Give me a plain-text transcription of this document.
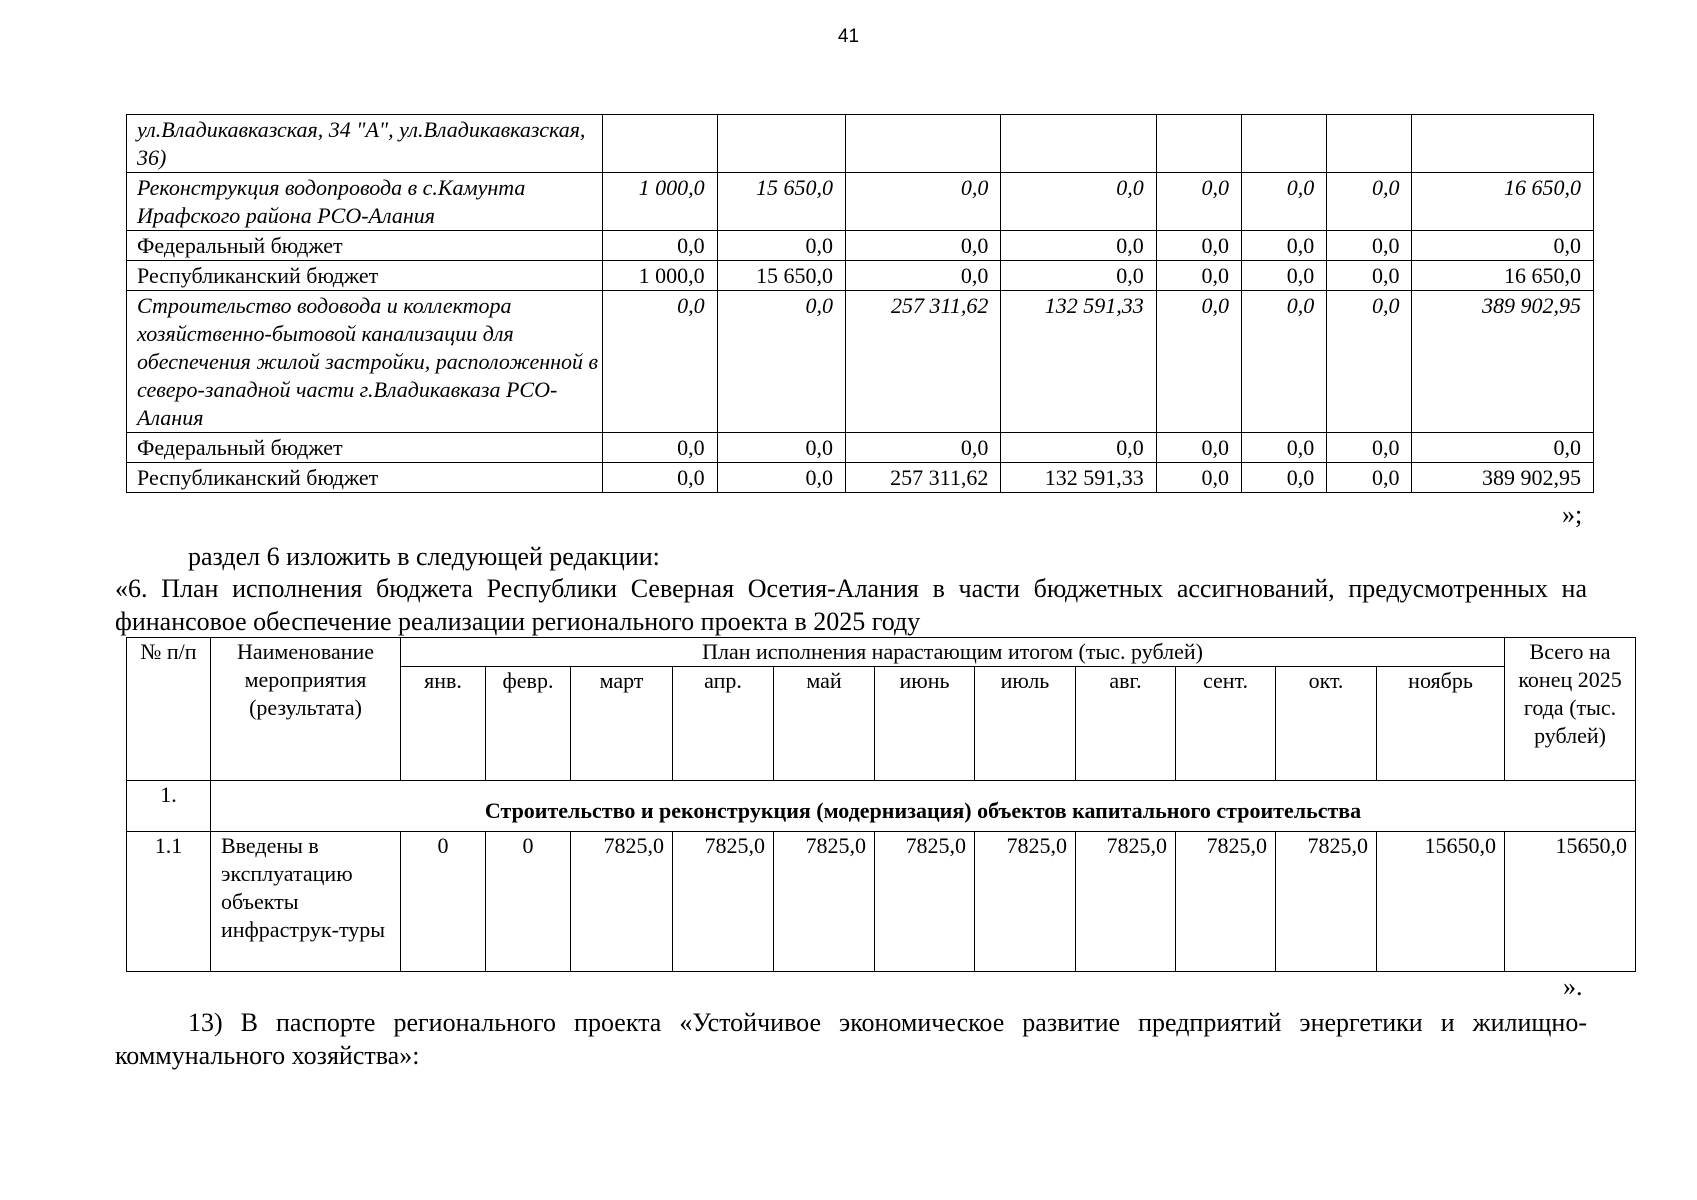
41
ул.Владикавказская, 34 "А", ул.Владикавказская, 36)								
Реконструкция водопровода в с.Камунта Ирафского района РСО-Алания	1 000,0	15 650,0	0,0	0,0	0,0	0,0	0,0	16 650,0
Федеральный бюджет	0,0	0,0	0,0	0,0	0,0	0,0	0,0	0,0
Республиканский бюджет	1 000,0	15 650,0	0,0	0,0	0,0	0,0	0,0	16 650,0
Строительство водовода и коллектора хозяйственно-бытовой канализации для обеспечения жилой застройки, расположенной в северо-западной части г.Владикавказа РСО-Алания	0,0	0,0	257 311,62	132 591,33	0,0	0,0	0,0	389 902,95
Федеральный бюджет	0,0	0,0	0,0	0,0	0,0	0,0	0,0	0,0
Республиканский бюджет	0,0	0,0	257 311,62	132 591,33	0,0	0,0	0,0	389 902,95
»;
раздел 6 изложить в следующей редакции:
«6. План исполнения бюджета Республики Северная Осетия-Алания в части бюджетных ассигнований, предусмотренных на финансовое обеспечение реализации регионального проекта в 2025 году
№ п/п	Наименование мероприятия (результата)	План исполнения нарастающим итогом (тыс. рублей)											Всего на конец 2025 года (тыс. рублей)
		янв.	февр.	март	апр.	май	июнь	июль	авг.	сент.	окт.	ноябрь	
1.	Строительство и реконструкция (модернизация) объектов капитального строительства												
1.1	Введены в эксплуатацию объекты инфраструк-туры	0	0	7825,0	7825,0	7825,0	7825,0	7825,0	7825,0	7825,0	7825,0	15650,0	15650,0
».
13) В паспорте регионального проекта «Устойчивое экономическое развитие предприятий энергетики и жилищно-коммунального хозяйства»:
